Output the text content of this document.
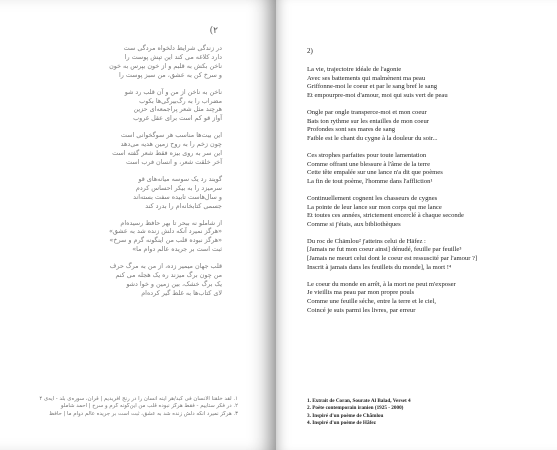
(۲
در زندگی شرایط دلخواه مردگی ست
دارد کلاغه می کند این تپش پوست را
ناخن بکش به قلبم و از خون بپرس به خون
و سرخ کن به عشق، من سبز پوست را
ناخن به ناخن از من و آن قلب رد شو
مضراب را به رگ‌بیرگی‌ها بکوب
هرچند مثل شعر پراجمعه‌ای حزین
آواز قو کم است برای عقل غروب
این بیت‌ها مناسب هر سوگخوانی است
چون زخم را به روح زمین هدیه می‌دهد
این سر به روی بیزه فقط شعر گفته است
آخر خلقت شعر، و انسان فرب است
گویند رد یک سوسه میانه‌های قو
سرمیزد را به بیکر احساس کردم
و سال‌هاست تابیده سفت بسته‌اند
جسمی کتابخانه‌ام را بدرد کند
از شاملو نه ببحر تا بهر حافظ رسیده‌ام
«هرگز نمیرد آنکه دلش زنده شد به عشق»
«هرگز نبوده قلب من اینگونه گرم و سرخ»
ثبت است بر جریده عالم دوام ما»
قلب جهان میمیر زده، از من به مرگ حرف
من چون برگ میزند ره یک هجله می کنم
یک برگ خشک، بین زمین و خوا دشو
لای کتاب‌ها به غلط گیر کرده‌ام
۱. لقد خلقنا الانسان فی کبد/هر آینه انسان را در رنج آفریدیم | قرآن، سوره‌ی بلد - آیه‌ی ۴
۲. در فکر ستاییم - فقط هرگز نبوده قلب من این‌گونه گرم و سرخ | احمد شاملو
۳. هرگز نمیرد آنکه دلش زنده شد به عشق، ثبت است بر جریده عالم دوام ما | حافظ
2)
La vie, trajectoire idéale de l'agonie
Avec ses battements qui malmènent ma peau
Griffonne-moi le coeur et par le sang bref le sang
Et empourpre-moi d'amour, moi qui suis vert de peau
Ongle par ongle transperce-moi et mon coeur
Bats ton rythme sur les entailles de mon coeur
Profondes sont ses mares de sang
Faible est le chant du cygne à la douleur du soir...
Ces strophes parfaites pour toute lamentation
Comme offrant une blessure à l'âme de la terre
Cette tête empalée sur une lance n'a dit que poèmes
La fin de tout poème, l'homme dans l'affliction¹
Continuellement cognent les chasseurs de cygnes
La pointe de leur lance sur mon corps qui me lance
Et toutes ces années, strictement encerclé à chaque seconde
Comme si j'étais, aux bibliothèques
Du roc de Chāmlou² j'atteins celui de Hāfez :
[Jamais ne fut mon coeur ainsi] dénudé, feuille par feuille³
[Jamais ne meurt celui dont le coeur est ressuscité par l'amour ?]
Inscrit à jamais dans les feuillets du monde], la mort !⁴
Le coeur du monde en arrêt, à la mort ne peut m'exposer
Je vieillis ma peau par mon propre pouls
Comme une feuille séche, entre la terre et le ciel,
Coincé je suis parmi les livres, par erreur
1. Extrait de Coran, Sourate Al Balad, Verset 4
2. Poète contemporain iranien (1925 - 2000)
3. Inspiré d'un poème de Chāmlou
4. Inspiré d'un poème de Hāfez
